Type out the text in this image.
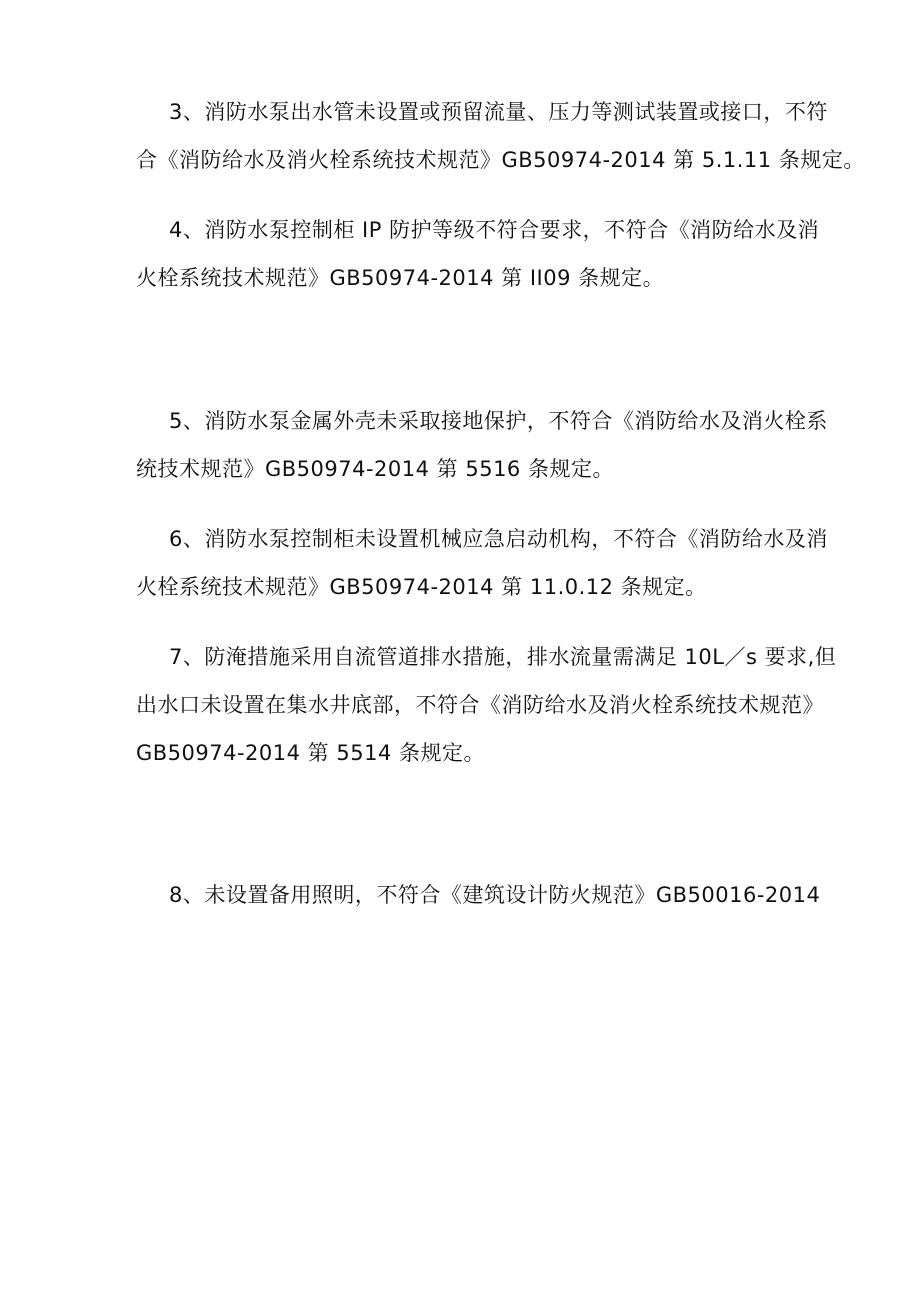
3、消防水泵出水管未设置或预留流量、压力等测试装置或接口，不符
合《消防给水及消火栓系统技术规范》GB50974-2014 第 5.1.11 条规定。
4、消防水泵控制柜 IP 防护等级不符合要求，不符合《消防给水及消
火栓系统技术规范》GB50974-2014 第 II09 条规定。
5、消防水泵金属外壳未采取接地保护，不符合《消防给水及消火栓系
统技术规范》GB50974-2014 第 5516 条规定。
6、消防水泵控制柜未设置机械应急启动机构，不符合《消防给水及消
火栓系统技术规范》GB50974-2014 第 11.0.12 条规定。
7、防淹措施采用自流管道排水措施，排水流量需满足 10L／s 要求,但
出水口未设置在集水井底部，不符合《消防给水及消火栓系统技术规范》
GB50974-2014 第 5514 条规定。
8、未设置备用照明，不符合《建筑设计防火规范》GB50016-2014
